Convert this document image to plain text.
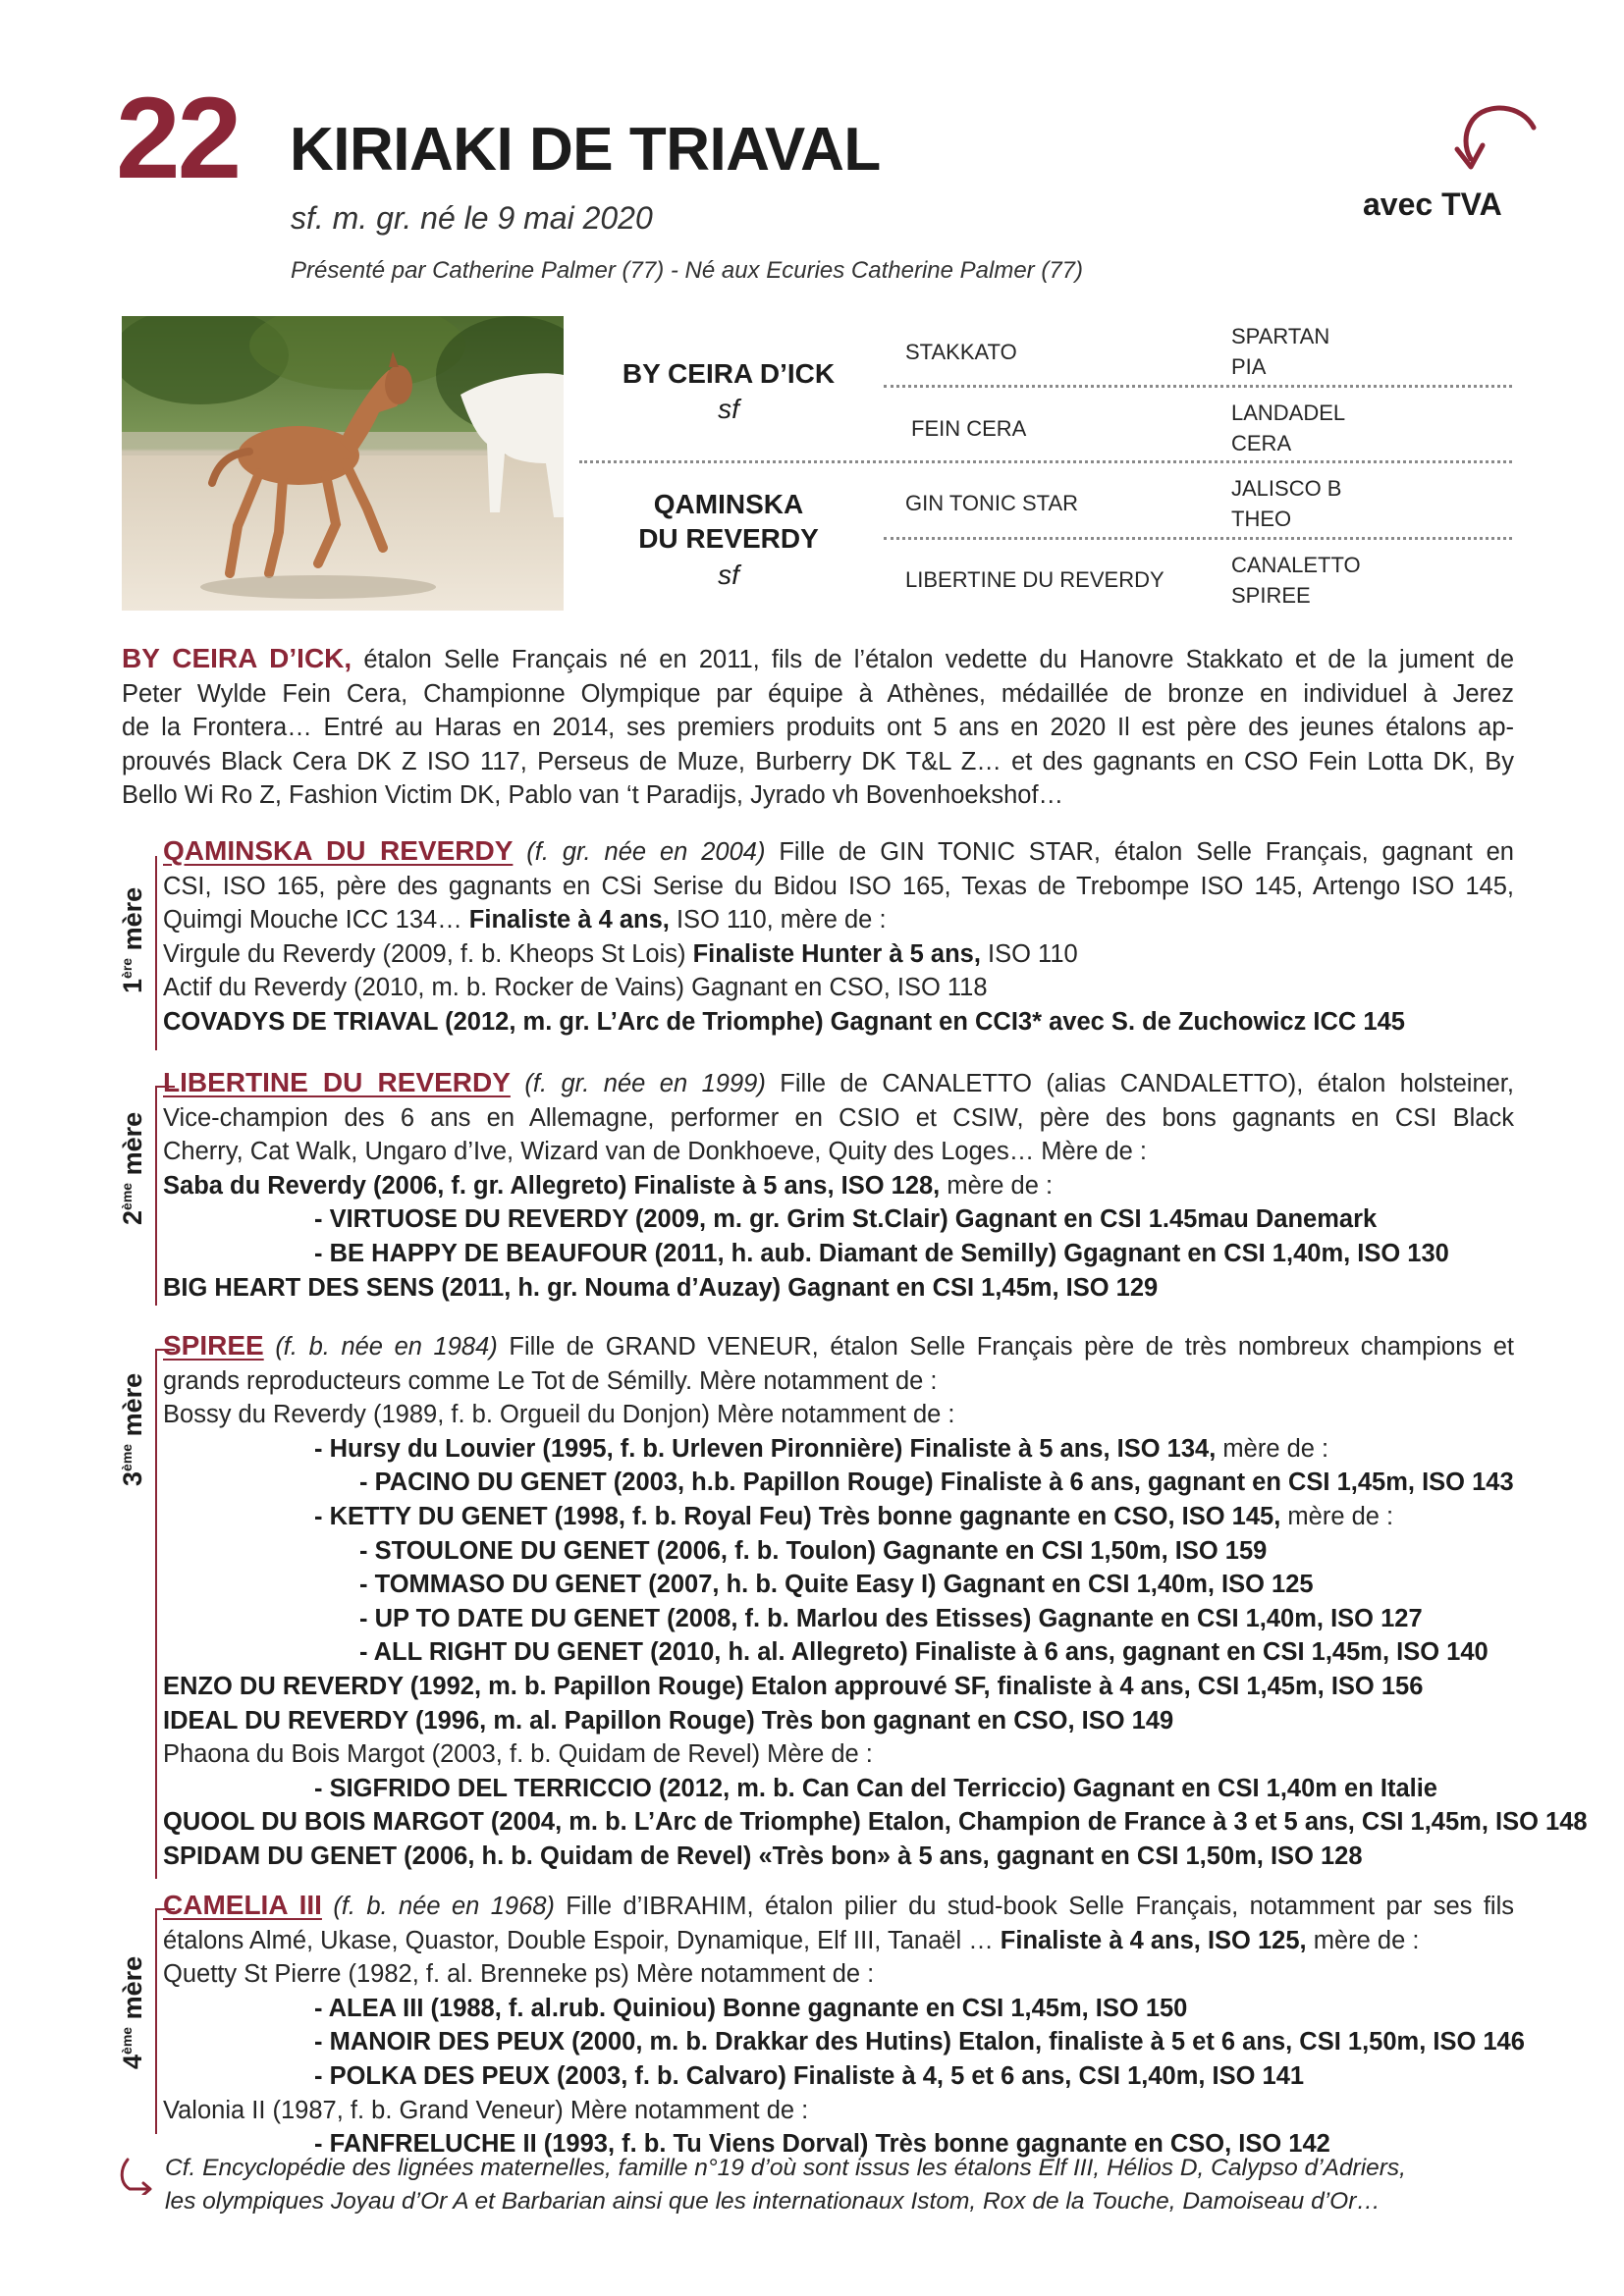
22 KIRIAKI DE TRIAVAL
sf. m. gr. né le 9 mai 2020
Présenté par Catherine Palmer (77) - Né aux Ecuries Catherine Palmer (77)
avec TVA
BY CEIRA D’ICK
sf
QAMINSKA
DU REVERDY
sf
STAKKATO
FEIN CERA
GIN TONIC STAR
LIBERTINE DU REVERDY
SPARTAN
PIA
LANDADEL
CERA
JALISCO B
THEO
CANALETTO
SPIREE
BY CEIRA D’ICK, étalon Selle Français né en 2011, fils de l’étalon vedette du Hanovre Stakkato et de la jument de
Peter Wylde Fein Cera, Championne Olympique par équipe à Athènes, médaillée de bronze en individuel à Jerez
de la Frontera… Entré au Haras en 2014, ses premiers produits ont 5 ans en 2020 Il est père des jeunes étalons ap-
prouvés Black Cera DK Z ISO 117, Perseus de Muze, Burberry DK T&L Z… et des gagnants en CSO Fein Lotta DK, By
Bello Wi Ro Z, Fashion Victim DK, Pablo van ‘t Paradijs, Jyrado vh Bovenhoekshof…
1ère mère
QAMINSKA DU REVERDY (f. gr. née en 2004) Fille de GIN TONIC STAR, étalon Selle Français, gagnant en
CSI, ISO 165, père des gagnants en CSi Serise du Bidou ISO 165, Texas de Trebompe ISO 145, Artengo ISO 145,
Quimgi Mouche ICC 134… Finaliste à 4 ans, ISO 110, mère de :
Virgule du Reverdy (2009, f. b. Kheops St Lois) Finaliste Hunter à 5 ans, ISO 110
Actif du Reverdy (2010, m. b. Rocker de Vains) Gagnant en CSO, ISO 118
COVADYS DE TRIAVAL (2012, m. gr. L’Arc de Triomphe) Gagnant en CCI3* avec S. de Zuchowicz ICC 145
2ème mère
LIBERTINE DU REVERDY (f. gr. née en 1999) Fille de CANALETTO (alias CANDALETTO), étalon holsteiner,
Vice-champion des 6 ans en Allemagne, performer en CSIO et CSIW, père des bons gagnants en CSI Black
Cherry, Cat Walk, Ungaro d’Ive, Wizard van de Donkhoeve, Quity des Loges… Mère de :
Saba du Reverdy (2006, f. gr. Allegreto) Finaliste à 5 ans, ISO 128, mère de :
- VIRTUOSE DU REVERDY (2009, m. gr. Grim St.Clair) Gagnant en CSI 1.45mau Danemark
- BE HAPPY DE BEAUFOUR (2011, h. aub. Diamant de Semilly) Ggagnant en CSI 1,40m, ISO 130
BIG HEART DES SENS (2011, h. gr. Nouma d’Auzay) Gagnant en CSI 1,45m, ISO 129
3ème mère
SPIREE (f. b. née en 1984) Fille de GRAND VENEUR, étalon Selle Français père de très nombreux champions et
grands reproducteurs comme Le Tot de Sémilly. Mère notamment de :
Bossy du Reverdy (1989, f. b. Orgueil du Donjon) Mère notamment de :
- Hursy du Louvier (1995, f. b. Urleven Pironnière) Finaliste à 5 ans, ISO 134, mère de :
- PACINO DU GENET (2003, h.b. Papillon Rouge) Finaliste à 6 ans, gagnant en CSI 1,45m, ISO 143
- KETTY DU GENET (1998, f. b. Royal Feu) Très bonne gagnante en CSO, ISO 145, mère de :
- STOULONE DU GENET (2006, f. b. Toulon) Gagnante en CSI 1,50m, ISO 159
- TOMMASO DU GENET (2007, h. b. Quite Easy I) Gagnant en CSI 1,40m, ISO 125
- UP TO DATE DU GENET (2008, f. b. Marlou des Etisses) Gagnante en CSI 1,40m, ISO 127
- ALL RIGHT DU GENET (2010, h. al. Allegreto) Finaliste à 6 ans, gagnant en CSI 1,45m, ISO 140
ENZO DU REVERDY (1992, m. b. Papillon Rouge) Etalon approuvé SF, finaliste à 4 ans, CSI 1,45m, ISO 156
IDEAL DU REVERDY (1996, m. al. Papillon Rouge) Très bon gagnant en CSO, ISO 149
Phaona du Bois Margot (2003, f. b. Quidam de Revel) Mère de :
- SIGFRIDO DEL TERRICCIO (2012, m. b. Can Can del Terriccio) Gagnant en CSI 1,40m en Italie
QUOOL DU BOIS MARGOT (2004, m. b. L’Arc de Triomphe) Etalon, Champion de France à 3 et 5 ans, CSI 1,45m, ISO 148
SPIDAM DU GENET (2006, h. b. Quidam de Revel) «Très bon» à 5 ans, gagnant en CSI 1,50m, ISO 128
4ème mère
CAMELIA III (f. b. née en 1968) Fille d’IBRAHIM, étalon pilier du stud-book Selle Français, notamment par ses fils
étalons Almé, Ukase, Quastor, Double Espoir, Dynamique, Elf III, Tanaël … Finaliste à 4 ans, ISO 125, mère de :
Quetty St Pierre (1982, f. al. Brenneke ps) Mère notamment de :
- ALEA III (1988, f. al.rub. Quiniou) Bonne gagnante en CSI 1,45m, ISO 150
- MANOIR DES PEUX (2000, m. b. Drakkar des Hutins) Etalon, finaliste à 5 et 6 ans, CSI 1,50m, ISO 146
- POLKA DES PEUX (2003, f. b. Calvaro) Finaliste à 4, 5 et 6 ans, CSI 1,40m, ISO 141
Valonia II (1987, f. b. Grand Veneur) Mère notamment de :
- FANFRELUCHE II (1993, f. b. Tu Viens Dorval) Très bonne gagnante en CSO, ISO 142
Cf. Encyclopédie des lignées maternelles, famille n°19 d’où sont issus les étalons Elf III, Hélios D, Calypso d’Adriers,
les olympiques Joyau d’Or A et Barbarian ainsi que les internationaux Istom, Rox de la Touche, Damoiseau d’Or…
